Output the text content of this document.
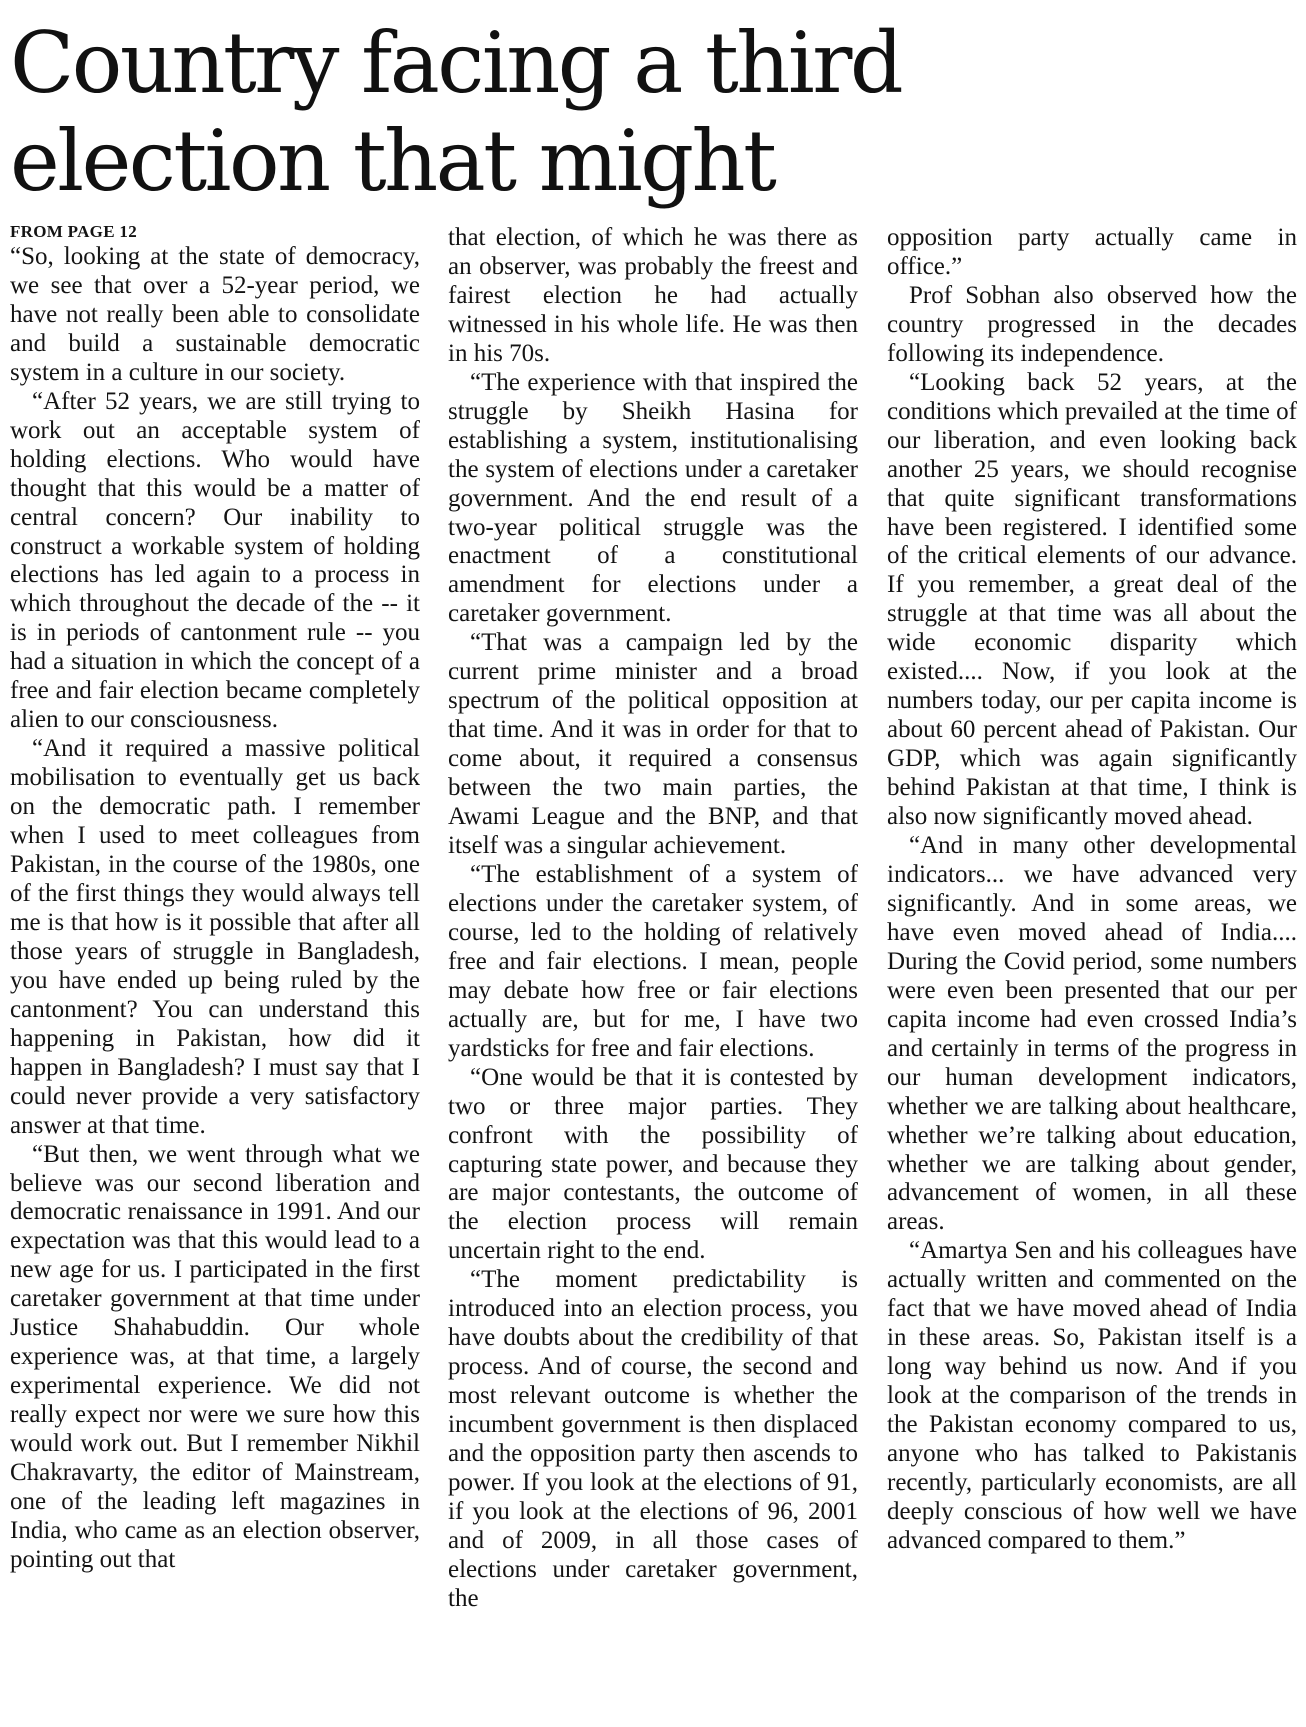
Country facing a third election that might
FROM PAGE 12

“So, looking at the state of democracy, we see that over a 52-year period, we have not really been able to consolidate and build a sustainable democratic system in a culture in our society.

“After 52 years, we are still trying to work out an acceptable system of holding elections. Who would have thought that this would be a matter of central concern? Our inability to construct a workable system of holding elections has led again to a process in which throughout the decade of the -- it is in periods of cantonment rule -- you had a situation in which the concept of a free and fair election became completely alien to our consciousness.

“And it required a massive political mobilisation to eventually get us back on the democratic path. I remember when I used to meet colleagues from Pakistan, in the course of the 1980s, one of the first things they would always tell me is that how is it possible that after all those years of struggle in Bangladesh, you have ended up being ruled by the cantonment? You can understand this happening in Pakistan, how did it happen in Bangladesh? I must say that I could never provide a very satisfactory answer at that time.

“But then, we went through what we believe was our second liberation and democratic renaissance in 1991. And our expectation was that this would lead to a new age for us. I participated in the first caretaker government at that time under Justice Shahabuddin. Our whole experience was, at that time, a largely experimental experience. We did not really expect nor were we sure how this would work out. But I remember Nikhil Chakravarty, the editor of Mainstream, one of the leading left magazines in India, who came as an election observer, pointing out that

that election, of which he was there as an observer, was probably the freest and fairest election he had actually witnessed in his whole life. He was then in his 70s.

“The experience with that inspired the struggle by Sheikh Hasina for establishing a system, institutionalising the system of elections under a caretaker government. And the end result of a two-year political struggle was the enactment of a constitutional amendment for elections under a caretaker government.

“That was a campaign led by the current prime minister and a broad spectrum of the political opposition at that time. And it was in order for that to come about, it required a consensus between the two main parties, the Awami League and the BNP, and that itself was a singular achievement.

“The establishment of a system of elections under the caretaker system, of course, led to the holding of relatively free and fair elections. I mean, people may debate how free or fair elections actually are, but for me, I have two yardsticks for free and fair elections.

“One would be that it is contested by two or three major parties. They confront with the possibility of capturing state power, and because they are major contestants, the outcome of the election process will remain uncertain right to the end.

“The moment predictability is introduced into an election process, you have doubts about the credibility of that process. And of course, the second and most relevant outcome is whether the incumbent government is then displaced and the opposition party then ascends to power. If you look at the elections of 91, if you look at the elections of 96, 2001 and of 2009, in all those cases of elections under caretaker government, the

opposition party actually came in office.”

Prof Sobhan also observed how the country progressed in the decades following its independence.

“Looking back 52 years, at the conditions which prevailed at the time of our liberation, and even looking back another 25 years, we should recognise that quite significant transformations have been registered. I identified some of the critical elements of our advance. If you remember, a great deal of the struggle at that time was all about the wide economic disparity which existed.... Now, if you look at the numbers today, our per capita income is about 60 percent ahead of Pakistan. Our GDP, which was again significantly behind Pakistan at that time, I think is also now significantly moved ahead.

“And in many other developmental indicators... we have advanced very significantly. And in some areas, we have even moved ahead of India.... During the Covid period, some numbers were even been presented that our per capita income had even crossed India’s and certainly in terms of the progress in our human development indicators, whether we are talking about healthcare, whether we’re talking about education, whether we are talking about gender, advancement of women, in all these areas.

“Amartya Sen and his colleagues have actually written and commented on the fact that we have moved ahead of India in these areas. So, Pakistan itself is a long way behind us now. And if you look at the comparison of the trends in the Pakistan economy compared to us, anyone who has talked to Pakistanis recently, particularly economists, are all deeply conscious of how well we have advanced compared to them.”
